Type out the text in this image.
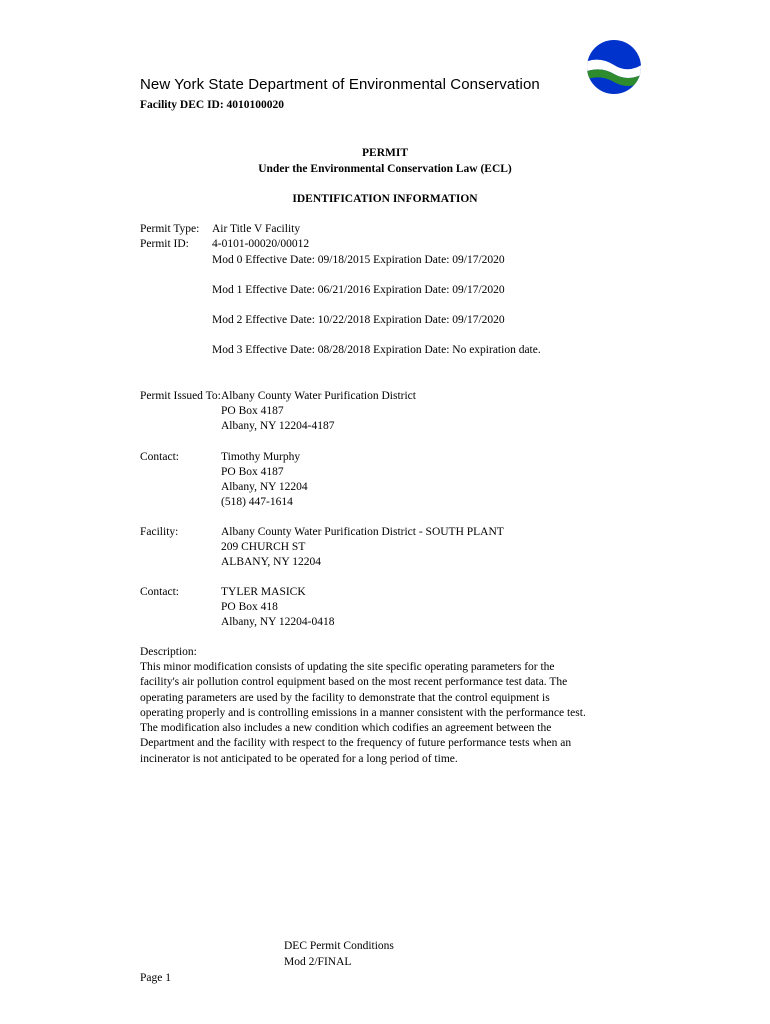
New York State Department of Environmental Conservation
Facility DEC ID: 4010100020
PERMIT
Under the Environmental Conservation Law (ECL)
IDENTIFICATION INFORMATION
Permit Type: Air Title V Facility
Permit ID: 4-0101-00020/00012
Mod 0 Effective Date: 09/18/2015 Expiration Date: 09/17/2020
Mod 1 Effective Date: 06/21/2016 Expiration Date: 09/17/2020
Mod 2 Effective Date: 10/22/2018 Expiration Date: 09/17/2020
Mod 3 Effective Date: 08/28/2018 Expiration Date: No expiration date.
Permit Issued To: Albany County Water Purification District
PO Box 4187
Albany, NY 12204-4187
Contact:	Timothy Murphy
PO Box 4187
Albany, NY 12204
(518) 447-1614
Facility:	Albany County Water Purification District - SOUTH PLANT
209 CHURCH ST
ALBANY, NY 12204
Contact:	TYLER MASICK
PO Box 418
Albany, NY 12204-0418
Description:
This minor modification consists of updating the site specific operating parameters for the
facility's air pollution control equipment based on the most recent performance test data. The
operating parameters are used by the facility to demonstrate that the control equipment is
operating properly and is controlling emissions in a manner consistent with the performance test.
The modification also includes a new condition which codifies an agreement between the
Department and the facility with respect to the frequency of future performance tests when an
incinerator is not anticipated to be operated for a long period of time.
DEC Permit Conditions
Mod 2/FINAL
Page 1
